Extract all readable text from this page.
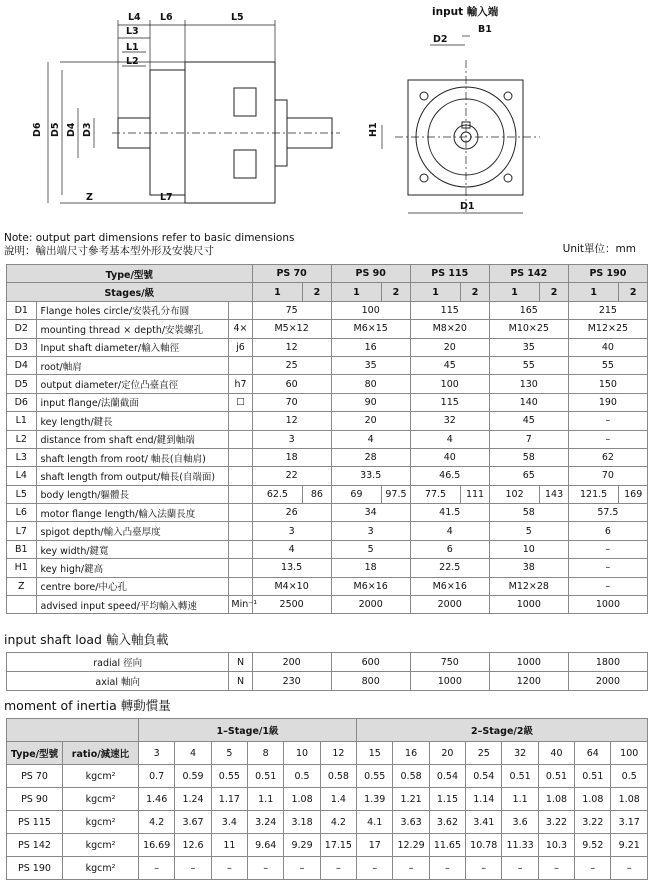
L4 L6	L5
L3
L1
L2
D6 D5 D4 D3
Z	L7
input 輸入端
D2
B1
H1
D1
Note: output part dimensions refer to basic dimensions
說明：輸出端尺寸參考基本型外形及安裝尺寸	Unit單位：mm
Type/型號			PS 70		PS 90		PS 115		PS 142		PS 190	
Stages/級			1	2	1	2	1	2	1	2	1	2
D1	Flange holes circle/安裝孔分布圓		75		100		115		165		215	
D2	mounting thread × depth/安裝螺孔	4×	M5×12		M6×15		M8×20		M10×25		M12×25	
D3	Input shaft diameter/輸入軸徑	j6	12		16		20		35		40	
D4	root/軸肩		25		35		45		55		55	
D5	output diameter/定位凸臺直徑	h7	60		80		100		130		150	
D6	input flange/法蘭截面	☐	70		90		115		140		190	
L1	key length/鍵長		12		20		32		45		–	
L2	distance from shaft end/鍵到軸端		3		4		4		7		–	
L3	shaft length from root/ 軸長(自軸肩)		18		28		40		58		62	
L4	shaft length from output/軸長(自端面)		22		33.5		46.5		65		70	
L5	body length/軀體長		62.5	86	69	97.5	77.5	111	102	143	121.5	169
L6	motor flange length/輸入法蘭長度		26		34		41.5		58		57.5	
L7	spigot depth/輸入凸臺厚度		3		3		4		5		6	
B1	key width/鍵寬		4		5		6		10		–	
H1	key high/鍵高		13.5		18		22.5		38		–	
Z	centre bore/中心孔		M4×10		M6×16		M6×16		M12×28		–	
	advised input speed/平均輸入轉速	Min⁻¹	2500		2000		2000		1000		1000	
input shaft load 輸入軸負載
radial 徑向	N	200	600	750	1000	1800
axial 軸向	N	230	800	1000	1200	2000
moment of inertia 轉動慣量
		1–Stage/1級						2–Stage/2級							
Type/型號	ratio/減速比	3	4	5	8	10	12	15	16	20	25	32	40	64	100
PS 70	kgcm²	0.7	0.59	0.55	0.51	0.5	0.58	0.55	0.58	0.54	0.54	0.51	0.51	0.51	0.5
PS 90	kgcm²	1.46	1.24	1.17	1.1	1.08	1.4	1.39	1.21	1.15	1.14	1.1	1.08	1.08	1.08
PS 115	kgcm²	4.2	3.67	3.4	3.24	3.18	4.2	4.1	3.63	3.62	3.41	3.6	3.22	3.22	3.17
PS 142	kgcm²	16.69	12.6	11	9.64	9.29	17.15	17	12.29	11.65	10.78	11.33	10.3	9.52	9.21
PS 190	kgcm²	–	–	–	–	–	–	–	–	–	–	–	–	–	–
